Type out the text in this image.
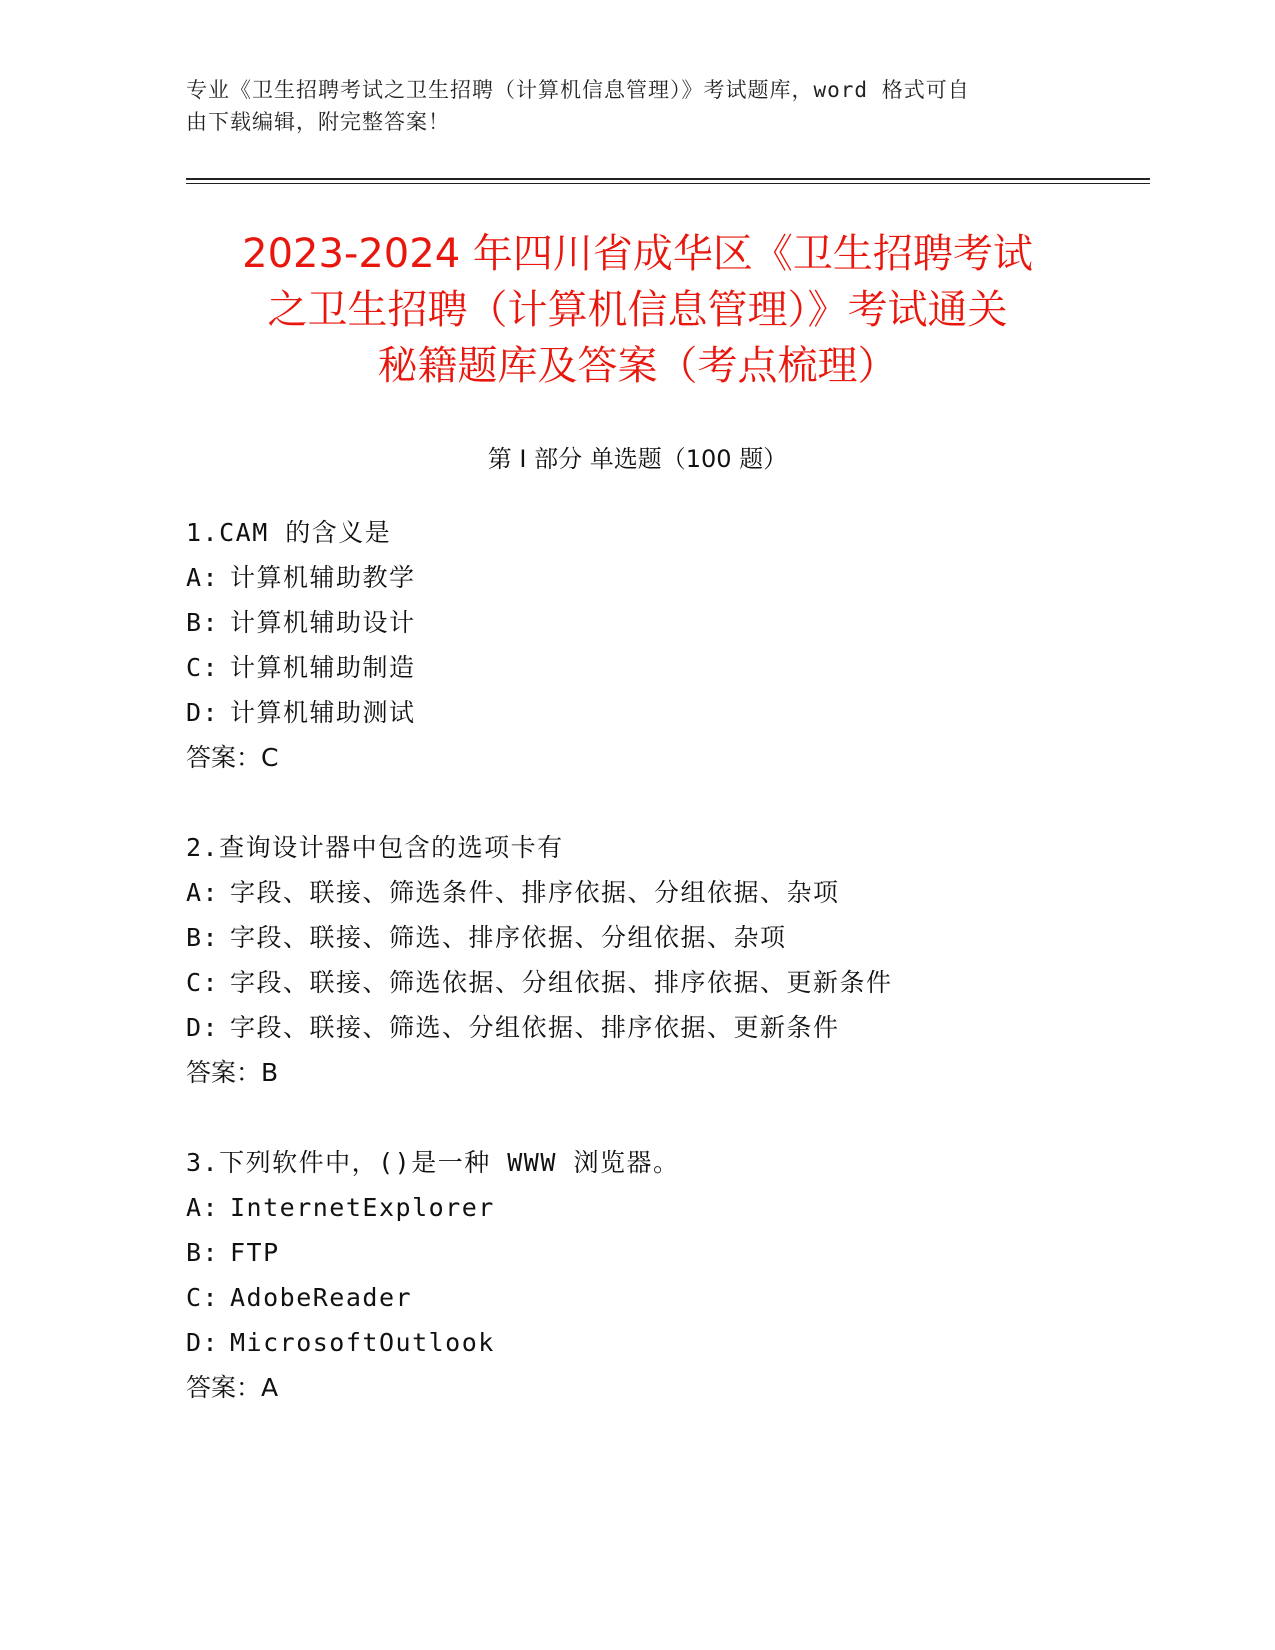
专业《卫生招聘考试之卫生招聘（计算机信息管理）》考试题库，word 格式可自
由下载编辑，附完整答案！
2023-2024 年四川省成华区《卫生招聘考试
之卫生招聘（计算机信息管理）》考试通关
秘籍题库及答案（考点梳理）
第 I 部分 单选题（100 题）
1.CAM 的含义是
A: 计算机辅助教学
B: 计算机辅助设计
C: 计算机辅助制造
D: 计算机辅助测试
答案：C
2.查询设计器中包含的选项卡有
A: 字段、联接、筛选条件、排序依据、分组依据、杂项
B: 字段、联接、筛选、排序依据、分组依据、杂项
C: 字段、联接、筛选依据、分组依据、排序依据、更新条件
D: 字段、联接、筛选、分组依据、排序依据、更新条件
答案：B
3.下列软件中，()是一种 WWW 浏览器。
A: InternetExplorer
B: FTP
C: AdobeReader
D: MicrosoftOutlook
答案：A
